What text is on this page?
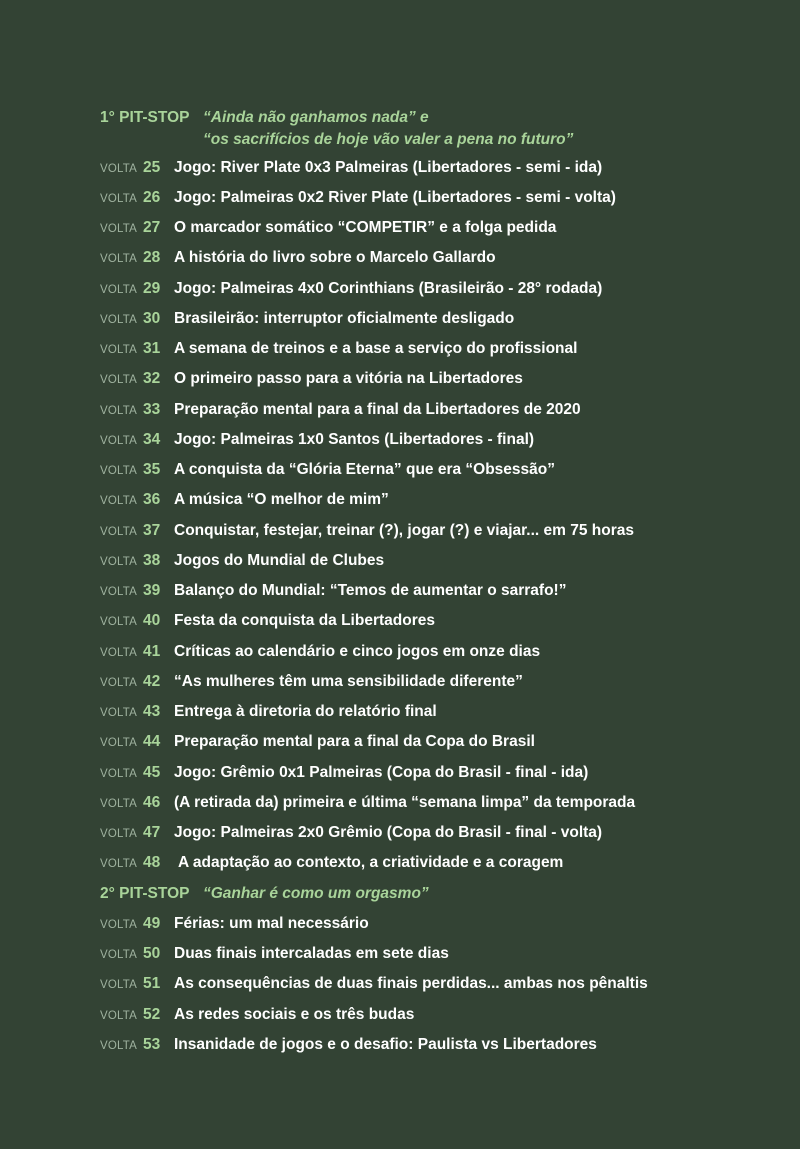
1° PIT-STOP “Ainda não ganhamos nada” e
“os sacrifícios de hoje vão valer a pena no futuro”
VOLTA 25 Jogo: River Plate 0x3 Palmeiras (Libertadores - semi - ida)
VOLTA 26 Jogo: Palmeiras 0x2 River Plate (Libertadores - semi - volta)
VOLTA 27 O marcador somático “COMPETIR” e a folga pedida
VOLTA 28 A história do livro sobre o Marcelo Gallardo
VOLTA 29 Jogo: Palmeiras 4x0 Corinthians (Brasileirão - 28° rodada)
VOLTA 30 Brasileirão: interruptor oficialmente desligado
VOLTA 31 A semana de treinos e a base a serviço do profissional
VOLTA 32 O primeiro passo para a vitória na Libertadores
VOLTA 33 Preparação mental para a final da Libertadores de 2020
VOLTA 34 Jogo: Palmeiras 1x0 Santos (Libertadores - final)
VOLTA 35 A conquista da “Glória Eterna” que era “Obsessão”
VOLTA 36 A música “O melhor de mim”
VOLTA 37 Conquistar, festejar, treinar (?), jogar (?) e viajar... em 75 horas
VOLTA 38 Jogos do Mundial de Clubes
VOLTA 39 Balanço do Mundial: “Temos de aumentar o sarrafo!”
VOLTA 40 Festa da conquista da Libertadores
VOLTA 41 Críticas ao calendário e cinco jogos em onze dias
VOLTA 42 “As mulheres têm uma sensibilidade diferente”
VOLTA 43 Entrega à diretoria do relatório final
VOLTA 44 Preparação mental para a final da Copa do Brasil
VOLTA 45 Jogo: Grêmio 0x1 Palmeiras (Copa do Brasil - final - ida)
VOLTA 46 (A retirada da) primeira e última “semana limpa” da temporada
VOLTA 47 Jogo: Palmeiras 2x0 Grêmio (Copa do Brasil - final - volta)
VOLTA 48 A adaptação ao contexto, a criatividade e a coragem
2° PIT-STOP “Ganhar é como um orgasmo”
VOLTA 49 Férias: um mal necessário
VOLTA 50 Duas finais intercaladas em sete dias
VOLTA 51 As consequências de duas finais perdidas... ambas nos pênaltis
VOLTA 52 As redes sociais e os três budas
VOLTA 53 Insanidade de jogos e o desafio: Paulista vs Libertadores
